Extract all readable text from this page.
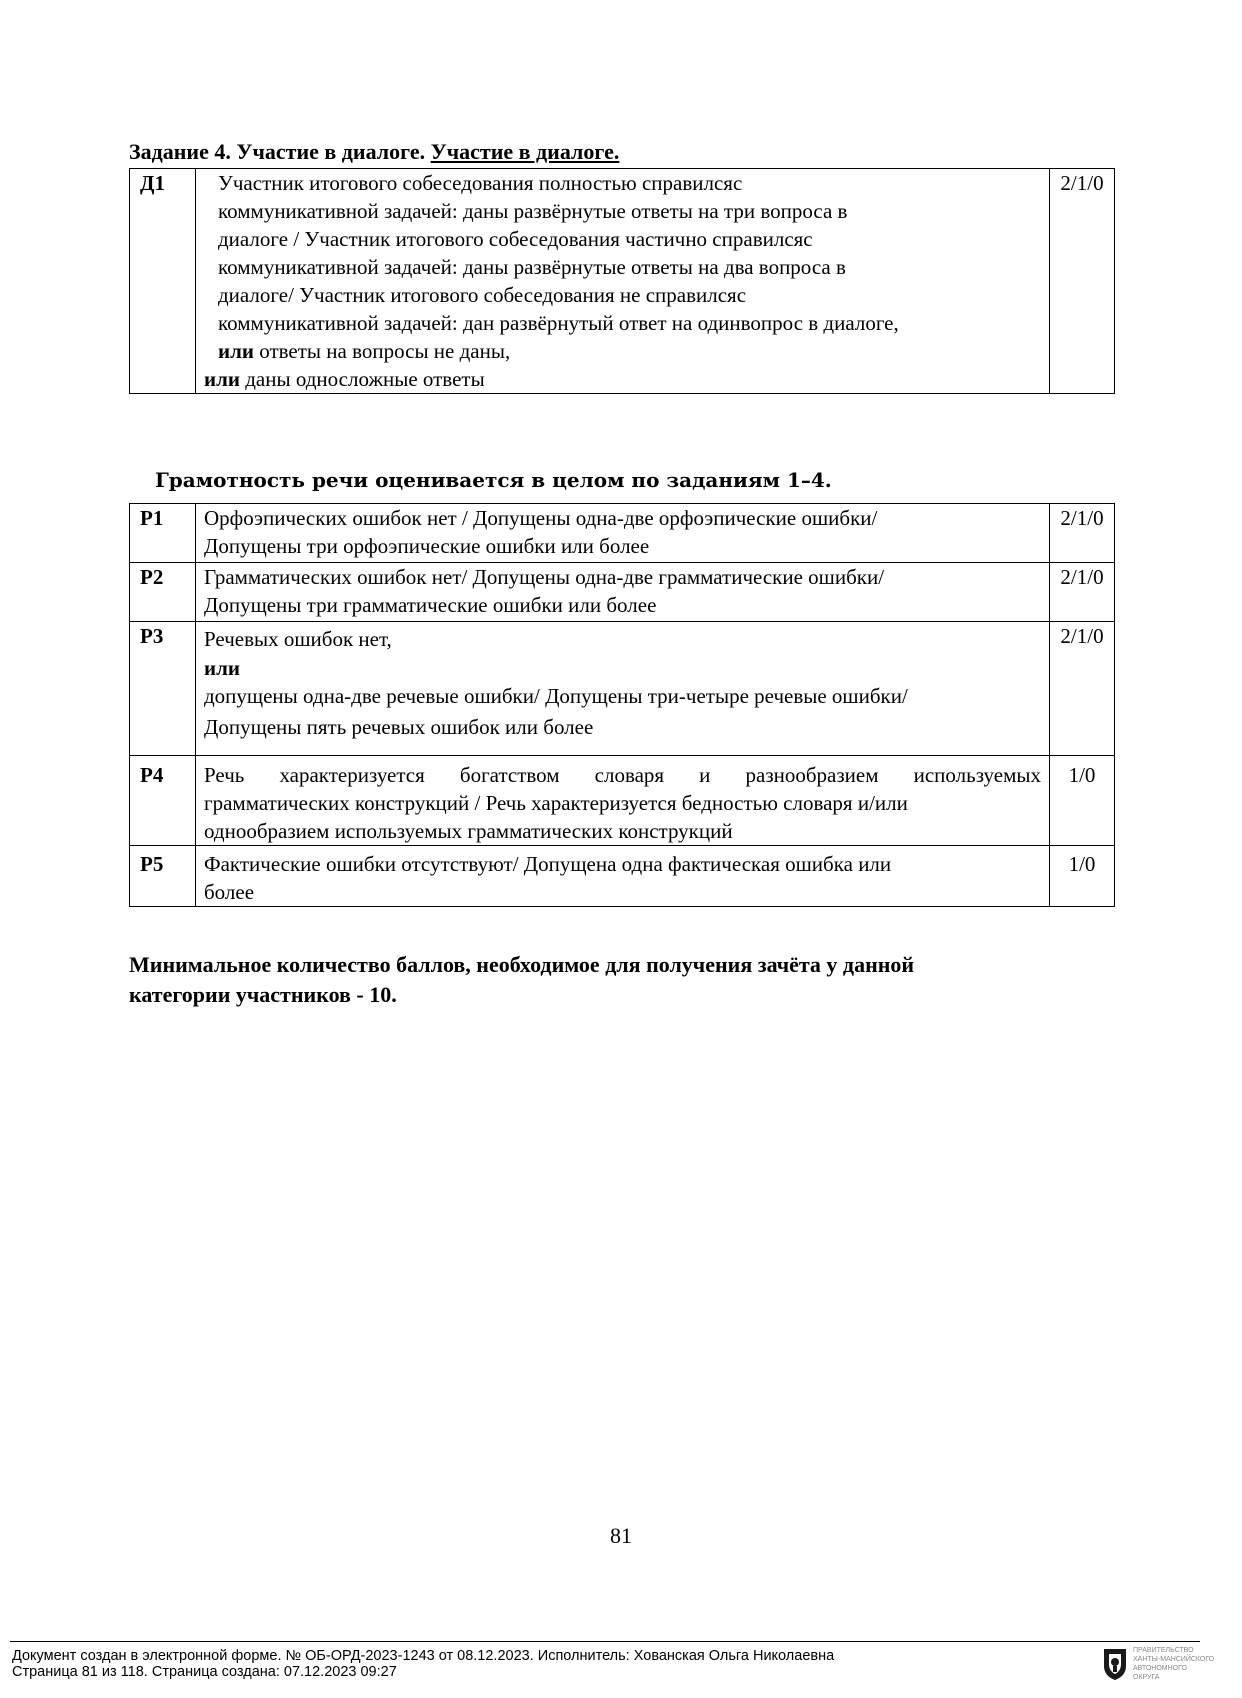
Задание 4. Участие в диалоге. Участие в диалоге.
Д1	Участник итогового собеседования полностью справилсяс
коммуникативной задачей: даны развёрнутые ответы на три вопроса в
диалоге / Участник итогового собеседования частично справилсяс
коммуникативной задачей: даны развёрнутые ответы на два вопроса в
диалоге/ Участник итогового собеседования не справилсяс
коммуникативной задачей: дан развёрнутый ответ на одинвопрос в диалоге,
или ответы на вопросы не даны,
или даны односложные ответы
	2/1/0
Грамотность речи оценивается в целом по заданиям 1–4.
Р1	Орфоэпических ошибок нет / Допущены одна-две орфоэпические ошибки/
Допущены три орфоэпические ошибки или более	2/1/0
Р2	Грамматических ошибок нет/ Допущены одна-две грамматические ошибки/
Допущены три грамматические ошибки или более	2/1/0
Р3	Речевых ошибок нет,
или
допущены одна-две речевые ошибки/ Допущены три-четыре речевые ошибки/
Допущены пять речевых ошибок или более	2/1/0
Р4	Речь характеризуется богатством словаря и разнообразием используемых
грамматических конструкций / Речь характеризуется бедностью словаря и/или
однообразием используемых грамматических конструкций	1/0
Р5	Фактические ошибки отсутствуют/ Допущена одна фактическая ошибка или
более	1/0
Минимальное количество баллов, необходимое для получения зачёта у данной
категории участников - 10.
81
Документ создан в электронной форме. № ОБ-ОРД-2023-1243 от 08.12.2023. Исполнитель: Хованская Ольга Николаевна
Страница 81 из 118. Страница создана: 07.12.2023 09:27
ПРАВИТЕЛЬСТВО
ХАНТЫ-МАНСИЙСКОГО
АВТОНОМНОГО
ОКРУГА
